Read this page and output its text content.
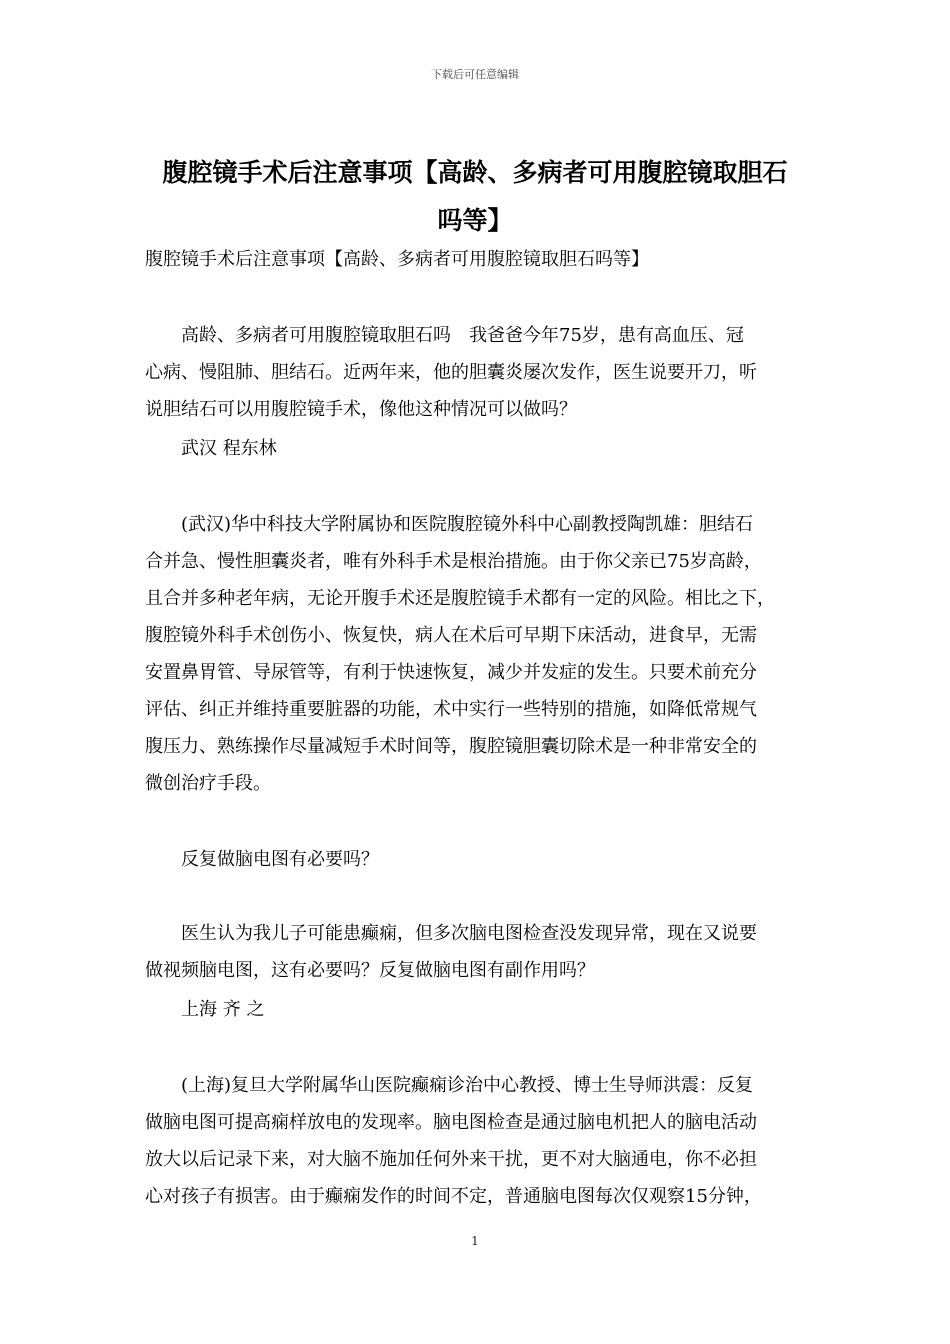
下载后可任意编辑
腹腔镜手术后注意事项【高龄、多病者可用腹腔镜取胆石
吗等】
腹腔镜手术后注意事项【高龄、多病者可用腹腔镜取胆石吗等】
　　高龄、多病者可用腹腔镜取胆石吗　我爸爸今年75岁，患有高血压、冠
心病、慢阻肺、胆结石。近两年来，他的胆囊炎屡次发作，医生说要开刀，听
说胆结石可以用腹腔镜手术，像他这种情况可以做吗？
　　武汉 程东林
　　(武汉)华中科技大学附属协和医院腹腔镜外科中心副教授陶凯雄：胆结石
合并急、慢性胆囊炎者，唯有外科手术是根治措施。由于你父亲已75岁高龄，
且合并多种老年病，无论开腹手术还是腹腔镜手术都有一定的风险。相比之下，
腹腔镜外科手术创伤小、恢复快，病人在术后可早期下床活动，进食早，无需
安置鼻胃管、导尿管等，有利于快速恢复，减少并发症的发生。只要术前充分
评估、纠正并维持重要脏器的功能，术中实行一些特别的措施，如降低常规气
腹压力、熟练操作尽量减短手术时间等，腹腔镜胆囊切除术是一种非常安全的
微创治疗手段。
　　反复做脑电图有必要吗？
　　医生认为我儿子可能患癫痫，但多次脑电图检查没发现异常，现在又说要
做视频脑电图，这有必要吗？反复做脑电图有副作用吗？
　　上海 齐 之
　　(上海)复旦大学附属华山医院癫痫诊治中心教授、博士生导师洪震：反复
做脑电图可提高痫样放电的发现率。脑电图检查是通过脑电机把人的脑电活动
放大以后记录下来，对大脑不施加任何外来干扰，更不对大脑通电，你不必担
心对孩子有损害。由于癫痫发作的时间不定，普通脑电图每次仅观察15分钟，
1
